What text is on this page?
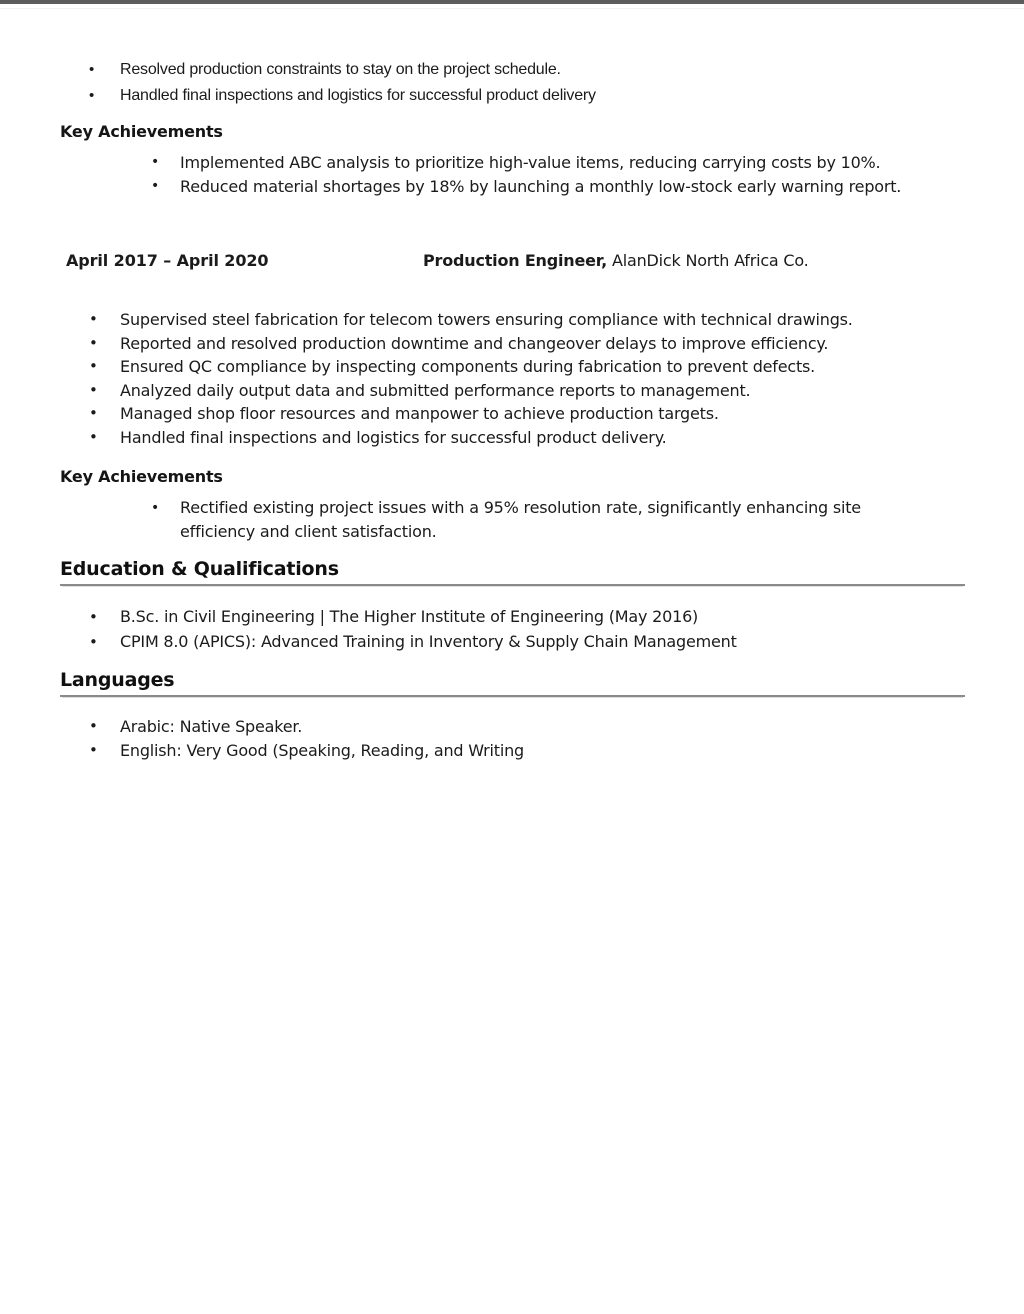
• Resolved production constraints to stay on the project schedule.
• Handled final inspections and logistics for successful product delivery
Key Achievements
• Implemented ABC analysis to prioritize high-value items, reducing carrying costs by 10%.
• Reduced material shortages by 18% by launching a monthly low-stock early warning report.
April 2017 – April 2020	Production Engineer, AlanDick North Africa Co.
• Supervised steel fabrication for telecom towers ensuring compliance with technical drawings.
• Reported and resolved production downtime and changeover delays to improve efficiency.
• Ensured QC compliance by inspecting components during fabrication to prevent defects.
• Analyzed daily output data and submitted performance reports to management.
• Managed shop floor resources and manpower to achieve production targets.
• Handled final inspections and logistics for successful product delivery.
Key Achievements
• Rectified existing project issues with a 95% resolution rate, significantly enhancing site efficiency and client satisfaction.
Education & Qualifications
• B.Sc. in Civil Engineering | The Higher Institute of Engineering (May 2016)
• CPIM 8.0 (APICS): Advanced Training in Inventory & Supply Chain Management
Languages
• Arabic: Native Speaker.
• English: Very Good (Speaking, Reading, and Writing
